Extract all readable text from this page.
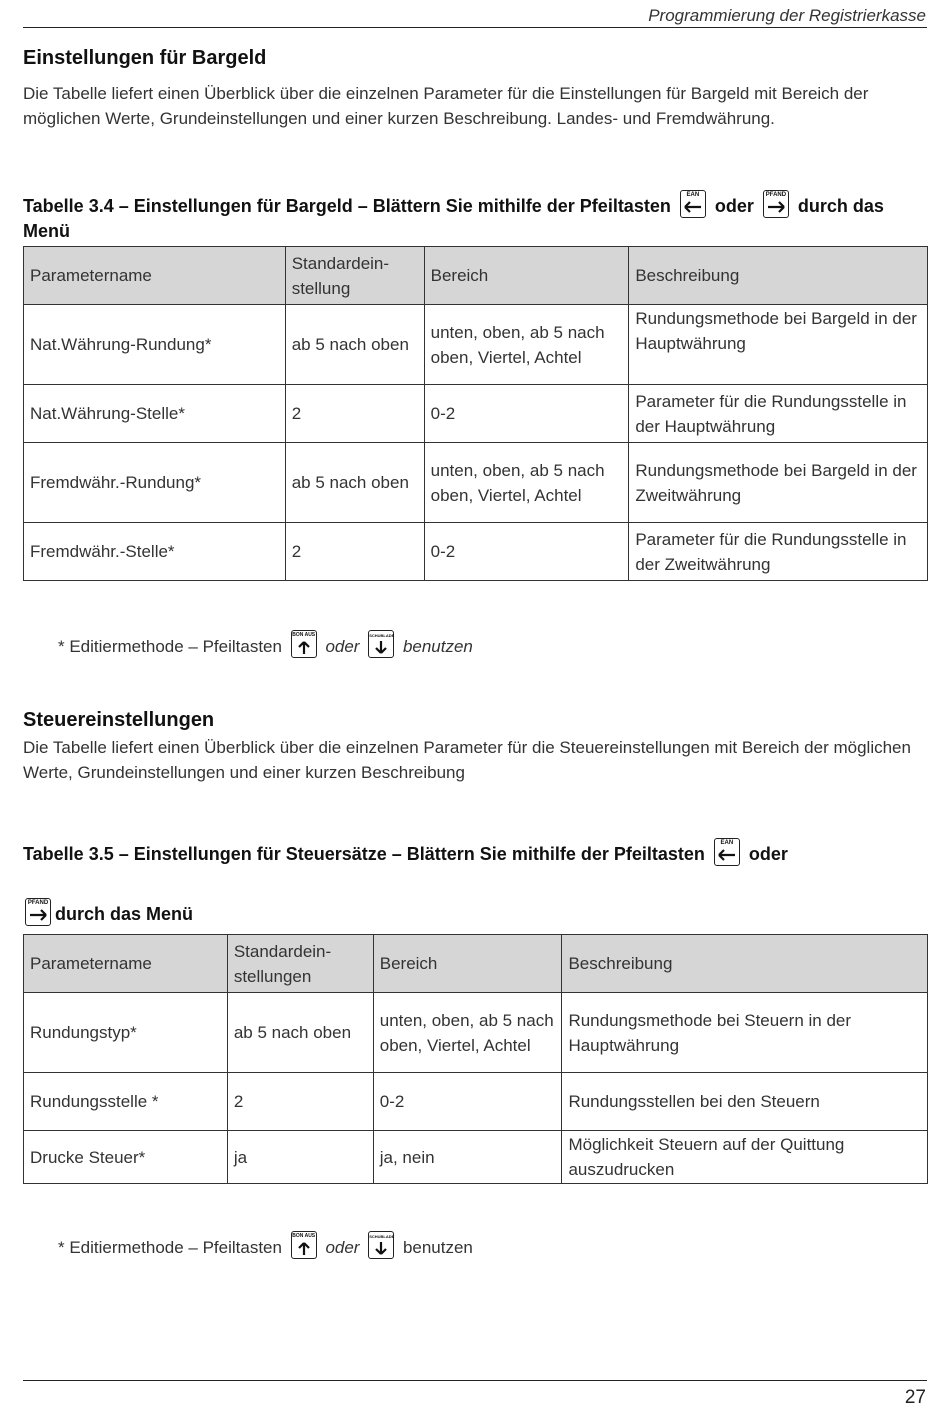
Programmierung der Registrierkasse
Einstellungen für Bargeld
Die Tabelle liefert einen Überblick über die einzelnen Parameter für die Einstellungen für Bargeld mit Bereich der möglichen Werte, Grundeinstellungen und einer kurzen Beschreibung. Landes- und Fremdwährung.
Tabelle 3.4 – Einstellungen für Bargeld – Blättern Sie mithilfe der Pfeiltasten
EAN
oder
PFAND
durch das Menü
Parametername	Standardein-stellung	Bereich	Beschreibung
Nat.Währung-Rundung*	ab 5 nach oben	unten, oben, ab 5 nach oben, Viertel, Achtel	Rundungsmethode bei Bargeld in der Hauptwährung
Nat.Währung-Stelle*	2	0-2	Parameter für die Rundungsstelle in der Hauptwährung
Fremdwähr.-Rundung*	ab 5 nach oben	unten, oben, ab 5 nach oben, Viertel, Achtel	Rundungsmethode bei Bargeld in der Zweitwährung
Fremdwähr.-Stelle*	2	0-2	Parameter für die Rundungsstelle in der Zweitwährung
* Editiermethode – Pfeiltasten
BON AUS
oder
SCHUBLADE
benutzen
Steuereinstellungen
Die Tabelle liefert einen Überblick über die einzelnen Parameter für die Steuereinstellungen mit Bereich der möglichen Werte, Grundeinstellungen und einer kurzen Beschreibung
Tabelle 3.5 – Einstellungen für Steuersätze – Blättern Sie mithilfe der Pfeiltasten
EAN
oder
PFAND
durch das Menü
Parametername	Standardein-stellungen	Bereich	Beschreibung
Rundungstyp*	ab 5 nach oben	unten, oben, ab 5 nach oben, Viertel, Achtel	Rundungsmethode bei Steuern in der Hauptwährung
Rundungsstelle *	2	0-2	Rundungsstellen bei den Steuern
Drucke Steuer*	ja	ja, nein	Möglichkeit Steuern auf der Quittung auszudrucken
* Editiermethode – Pfeiltasten
BON AUS
oder
SCHUBLADE
benutzen
27
